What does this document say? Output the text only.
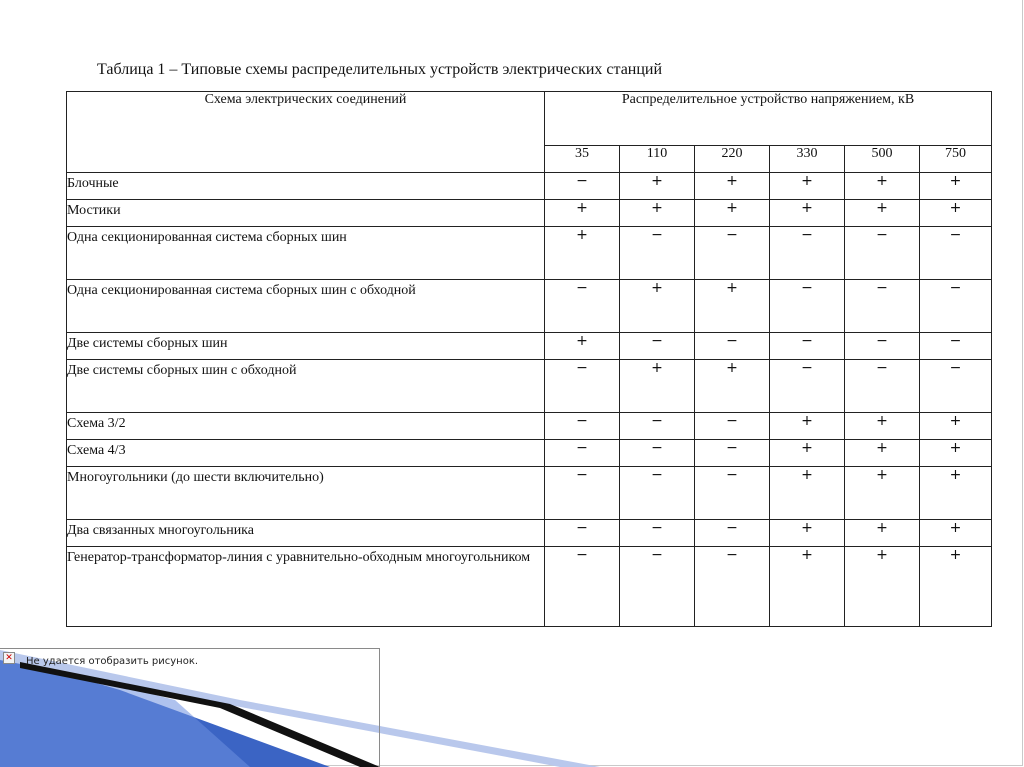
Таблица 1 – Типовые схемы распределительных устройств электрических станций
Схема электрических соединений	Распределительное устройство напряжением, кВ					
	35	110	220	330	500	750
Блочные	−	+	+	+	+	+
Мостики	+	+	+	+	+	+
Одна секционированная система сборных шин	+	−	−	−	−	−
Одна секционированная система сборных шин с обходной	−	+	+	−	−	−
Две системы сборных шин	+	−	−	−	−	−
Две системы сборных шин с обходной	−	+	+	−	−	−
Схема 3/2	−	−	−	+	+	+
Схема 4/3	−	−	−	+	+	+
Многоугольники (до шести включительно)	−	−	−	+	+	+
Два связанных многоугольника	−	−	−	+	+	+
Генератор-трансформатор-линия с уравнительно-обходным многоугольником	−	−	−	+	+	+
✕ Не удается отобразить рисунок.
